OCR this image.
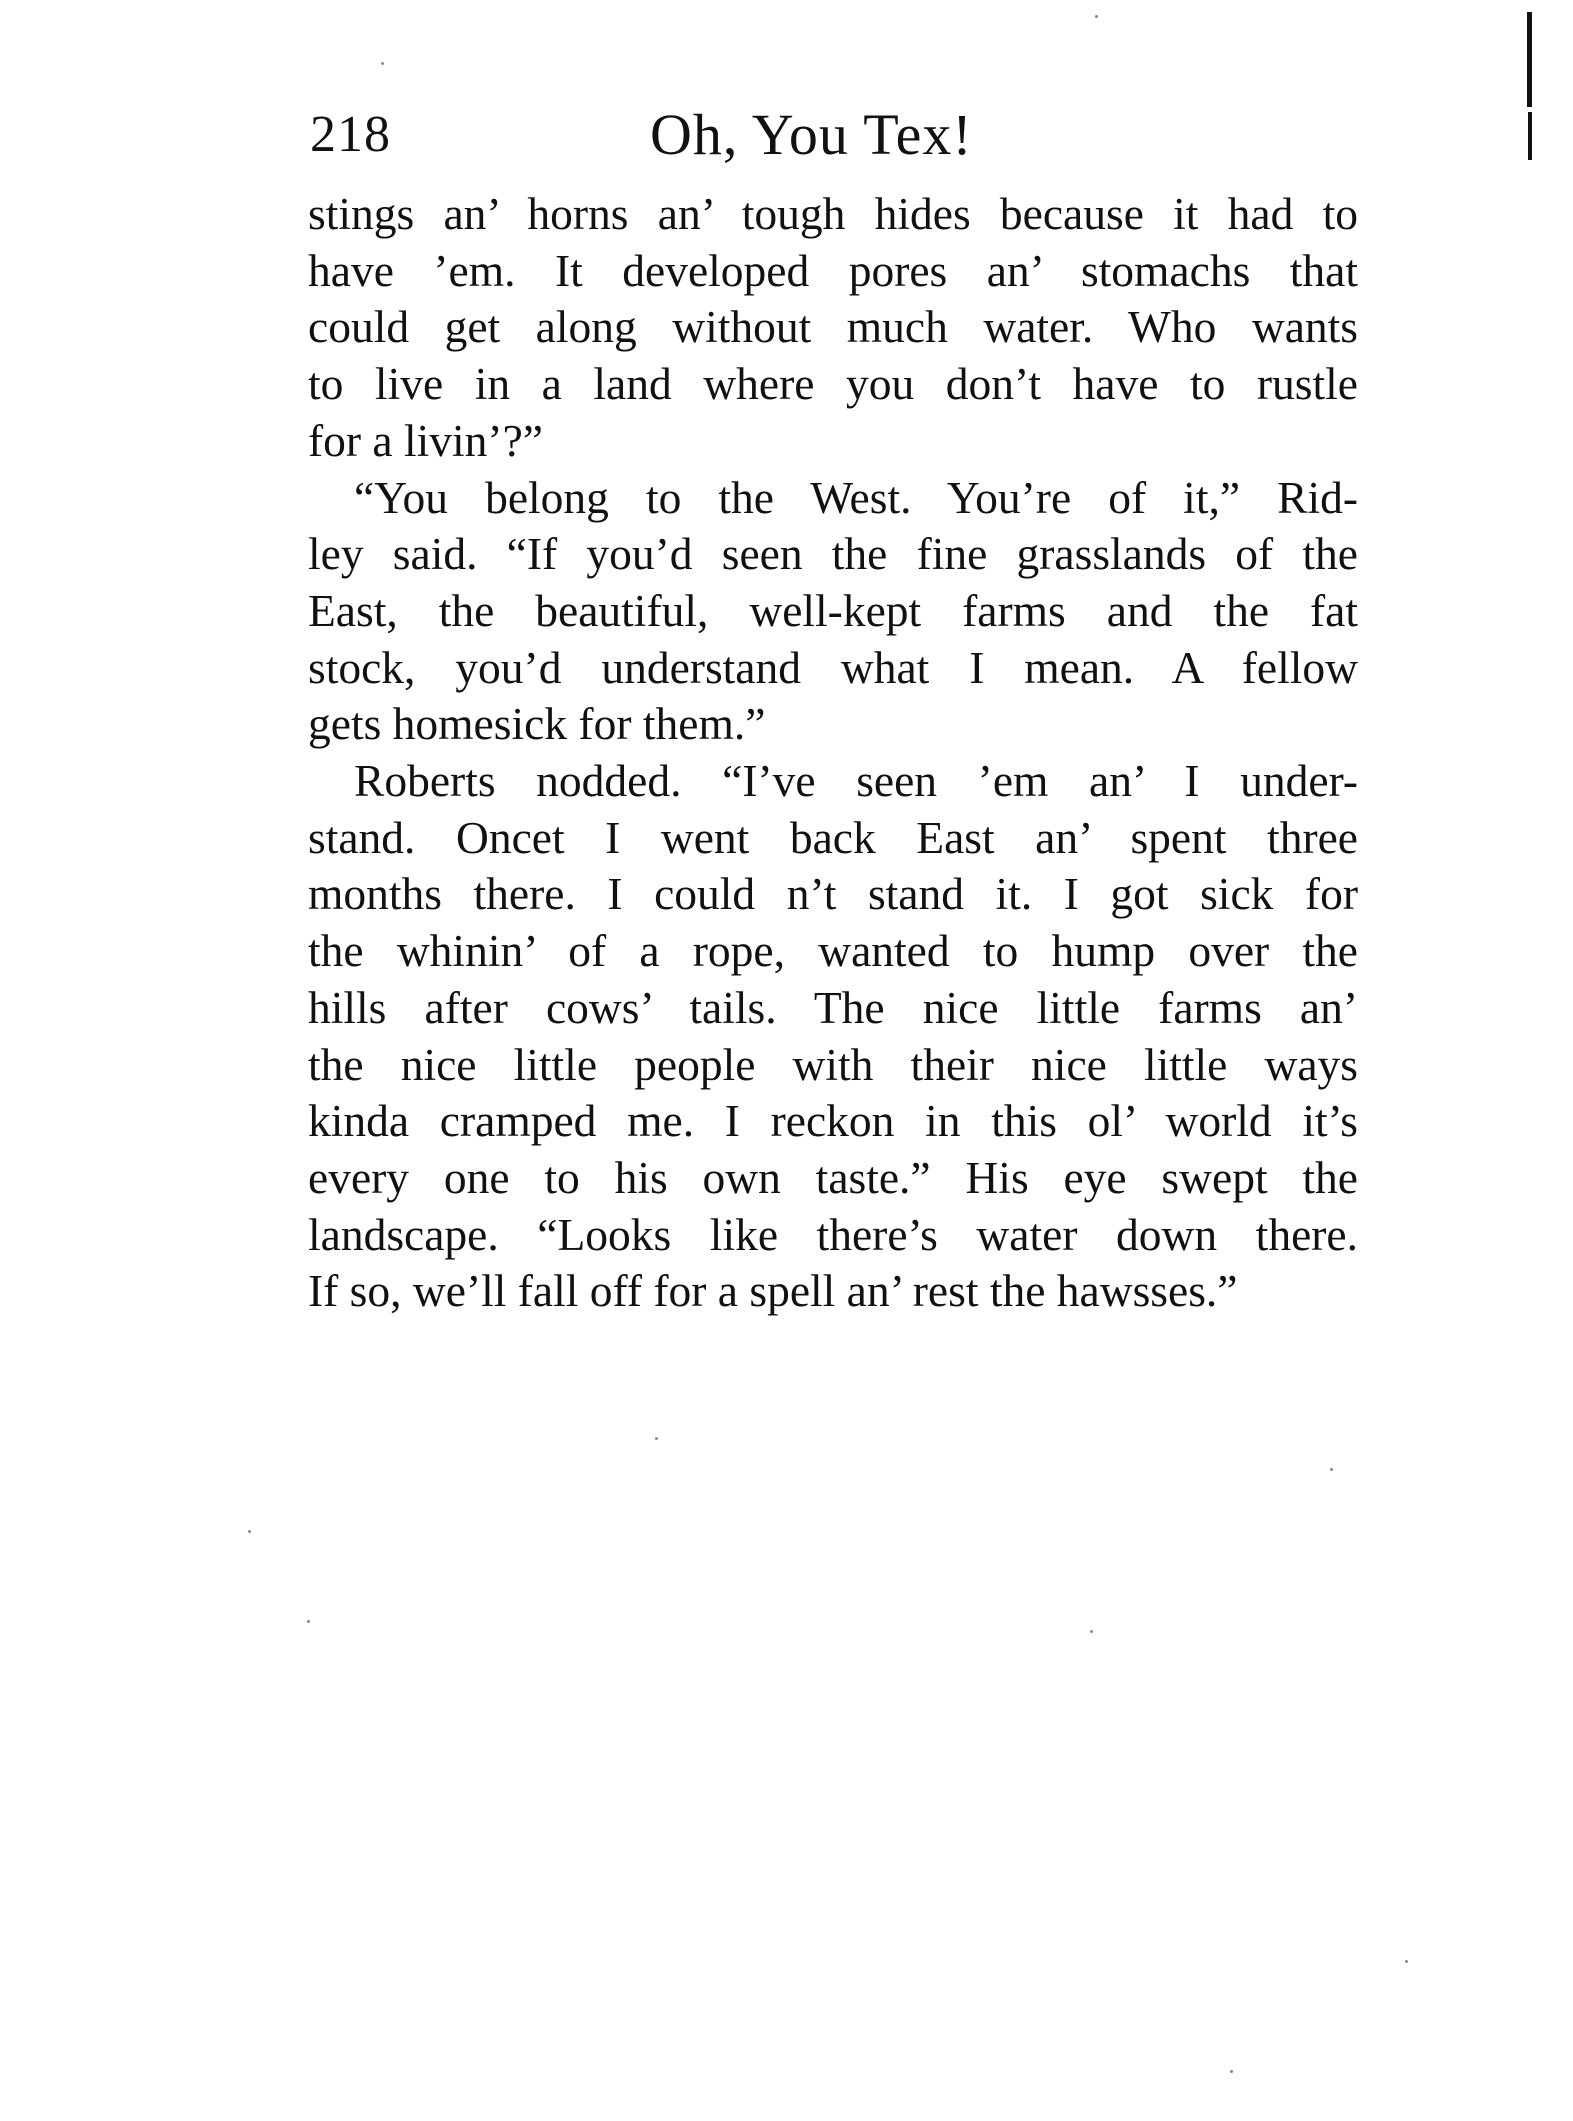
218	Oh, You Tex!

stings an’ horns an’ tough hides because it had to
have ’em. It developed pores an’ stomachs that
could get along without much water. Who wants
to live in a land where you don’t have to rustle
for a livin’?”

“You belong to the West. You’re of it,” Rid-
ley said. “If you’d seen the fine grasslands of the
East, the beautiful, well-kept farms and the fat
stock, you’d understand what I mean. A fellow
gets homesick for them.”

Roberts nodded. “I’ve seen ’em an’ I under-
stand. Oncet I went back East an’ spent three
months there. I could n’t stand it. I got sick for
the whinin’ of a rope, wanted to hump over the
hills after cows’ tails. The nice little farms an’
the nice little people with their nice little ways
kinda cramped me. I reckon in this ol’ world it’s
every one to his own taste.” His eye swept the
landscape. “Looks like there’s water down there.
If so, we’ll fall off for a spell an’ rest the hawsses.”
